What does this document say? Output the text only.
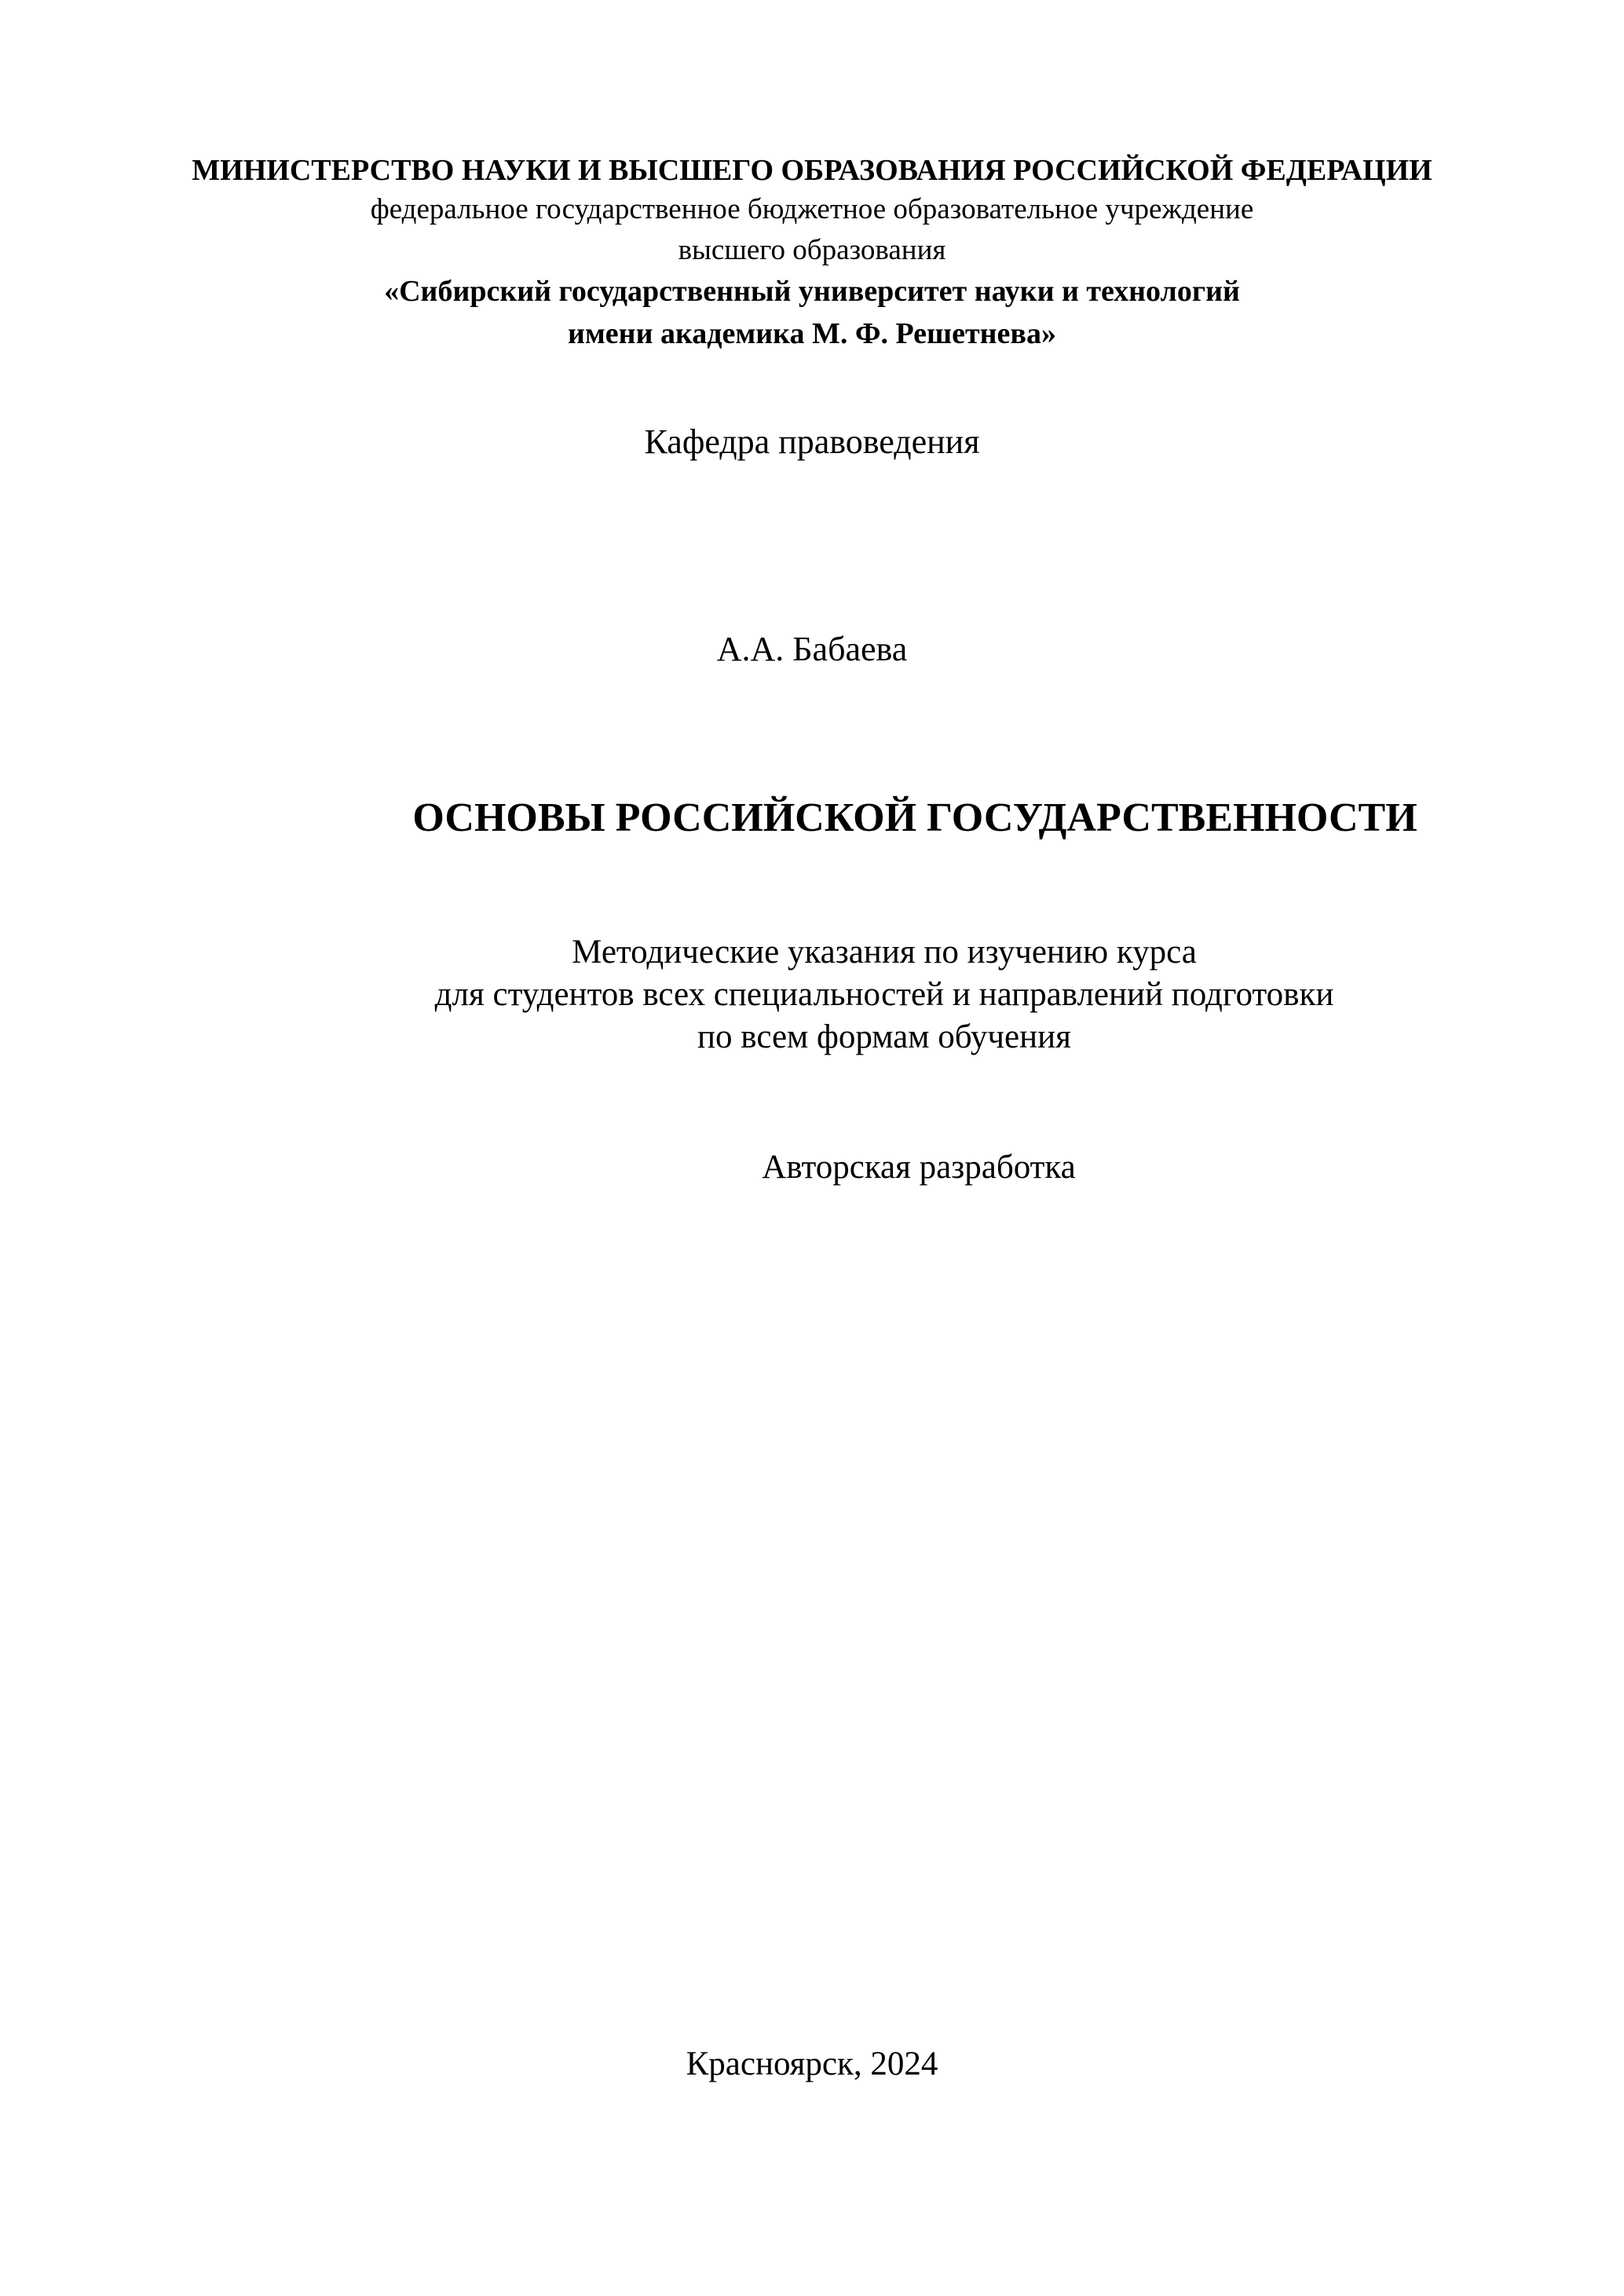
МИНИСТЕРСТВО НАУКИ И ВЫСШЕГО ОБРАЗОВАНИЯ РОССИЙСКОЙ ФЕДЕРАЦИИ
федеральное государственное бюджетное образовательное учреждение
высшего образования
«Сибирский государственный университет науки и технологий
имени академика М. Ф. Решетнева»
Кафедра правоведения
А.А. Бабаева
ОСНОВЫ РОССИЙСКОЙ ГОСУДАРСТВЕННОСТИ
Методические указания по изучению курса
для студентов всех специальностей и направлений подготовки
по всем формам обучения
Авторская разработка
Красноярск, 2024
